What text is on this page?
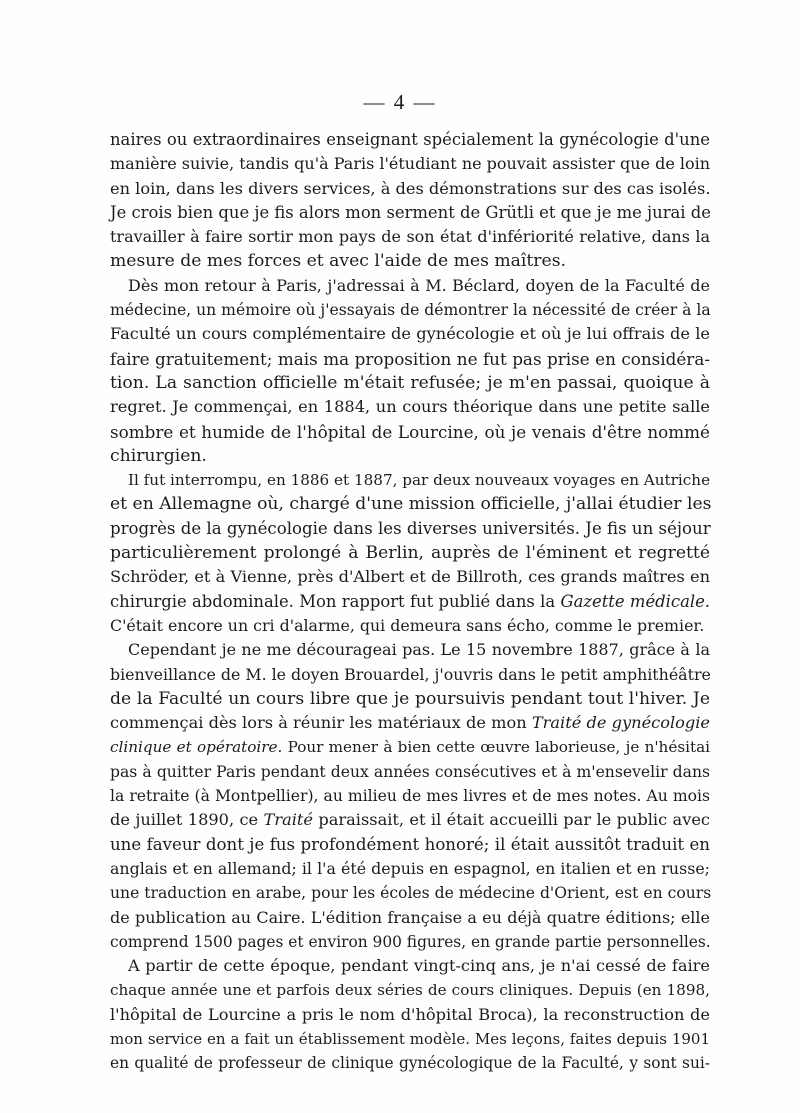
— 4 —
naires ou extraordinaires enseignant spécialement la gynécologie d'une
manière suivie, tandis qu'à Paris l'étudiant ne pouvait assister que de loin
en loin, dans les divers services, à des démonstrations sur des cas isolés.
Je crois bien que je fis alors mon serment de Grütli et que je me jurai de
travailler à faire sortir mon pays de son état d'infériorité relative, dans la
mesure de mes forces et avec l'aide de mes maîtres.
Dès mon retour à Paris, j'adressai à M. Béclard, doyen de la Faculté de
médecine, un mémoire où j'essayais de démontrer la nécessité de créer à la
Faculté un cours complémentaire de gynécologie et où je lui offrais de le
faire gratuitement; mais ma proposition ne fut pas prise en considéra-
tion. La sanction officielle m'était refusée; je m'en passai, quoique à
regret. Je commençai, en 1884, un cours théorique dans une petite salle
sombre et humide de l'hôpital de Lourcine, où je venais d'être nommé
chirurgien.
Il fut interrompu, en 1886 et 1887, par deux nouveaux voyages en Autriche
et en Allemagne où, chargé d'une mission officielle, j'allai étudier les
progrès de la gynécologie dans les diverses universités. Je fis un séjour
particulièrement prolongé à Berlin, auprès de l'éminent et regretté
Schröder, et à Vienne, près d'Albert et de Billroth, ces grands maîtres en
chirurgie abdominale. Mon rapport fut publié dans la Gazette médicale.
C'était encore un cri d'alarme, qui demeura sans écho, comme le premier.
Cependant je ne me décourageai pas. Le 15 novembre 1887, grâce à la
bienveillance de M. le doyen Brouardel, j'ouvris dans le petit amphithéâtre
de la Faculté un cours libre que je poursuivis pendant tout l'hiver. Je
commençai dès lors à réunir les matériaux de mon Traité de gynécologie
clinique et opératoire. Pour mener à bien cette œuvre laborieuse, je n'hésitai
pas à quitter Paris pendant deux années consécutives et à m'ensevelir dans
la retraite (à Montpellier), au milieu de mes livres et de mes notes. Au mois
de juillet 1890, ce Traité paraissait, et il était accueilli par le public avec
une faveur dont je fus profondément honoré; il était aussitôt traduit en
anglais et en allemand; il l'a été depuis en espagnol, en italien et en russe;
une traduction en arabe, pour les écoles de médecine d'Orient, est en cours
de publication au Caire. L'édition française a eu déjà quatre éditions; elle
comprend 1500 pages et environ 900 figures, en grande partie personnelles.
A partir de cette époque, pendant vingt-cinq ans, je n'ai cessé de faire
chaque année une et parfois deux séries de cours cliniques. Depuis (en 1898,
l'hôpital de Lourcine a pris le nom d'hôpital Broca), la reconstruction de
mon service en a fait un établissement modèle. Mes leçons, faites depuis 1901
en qualité de professeur de clinique gynécologique de la Faculté, y sont sui-
